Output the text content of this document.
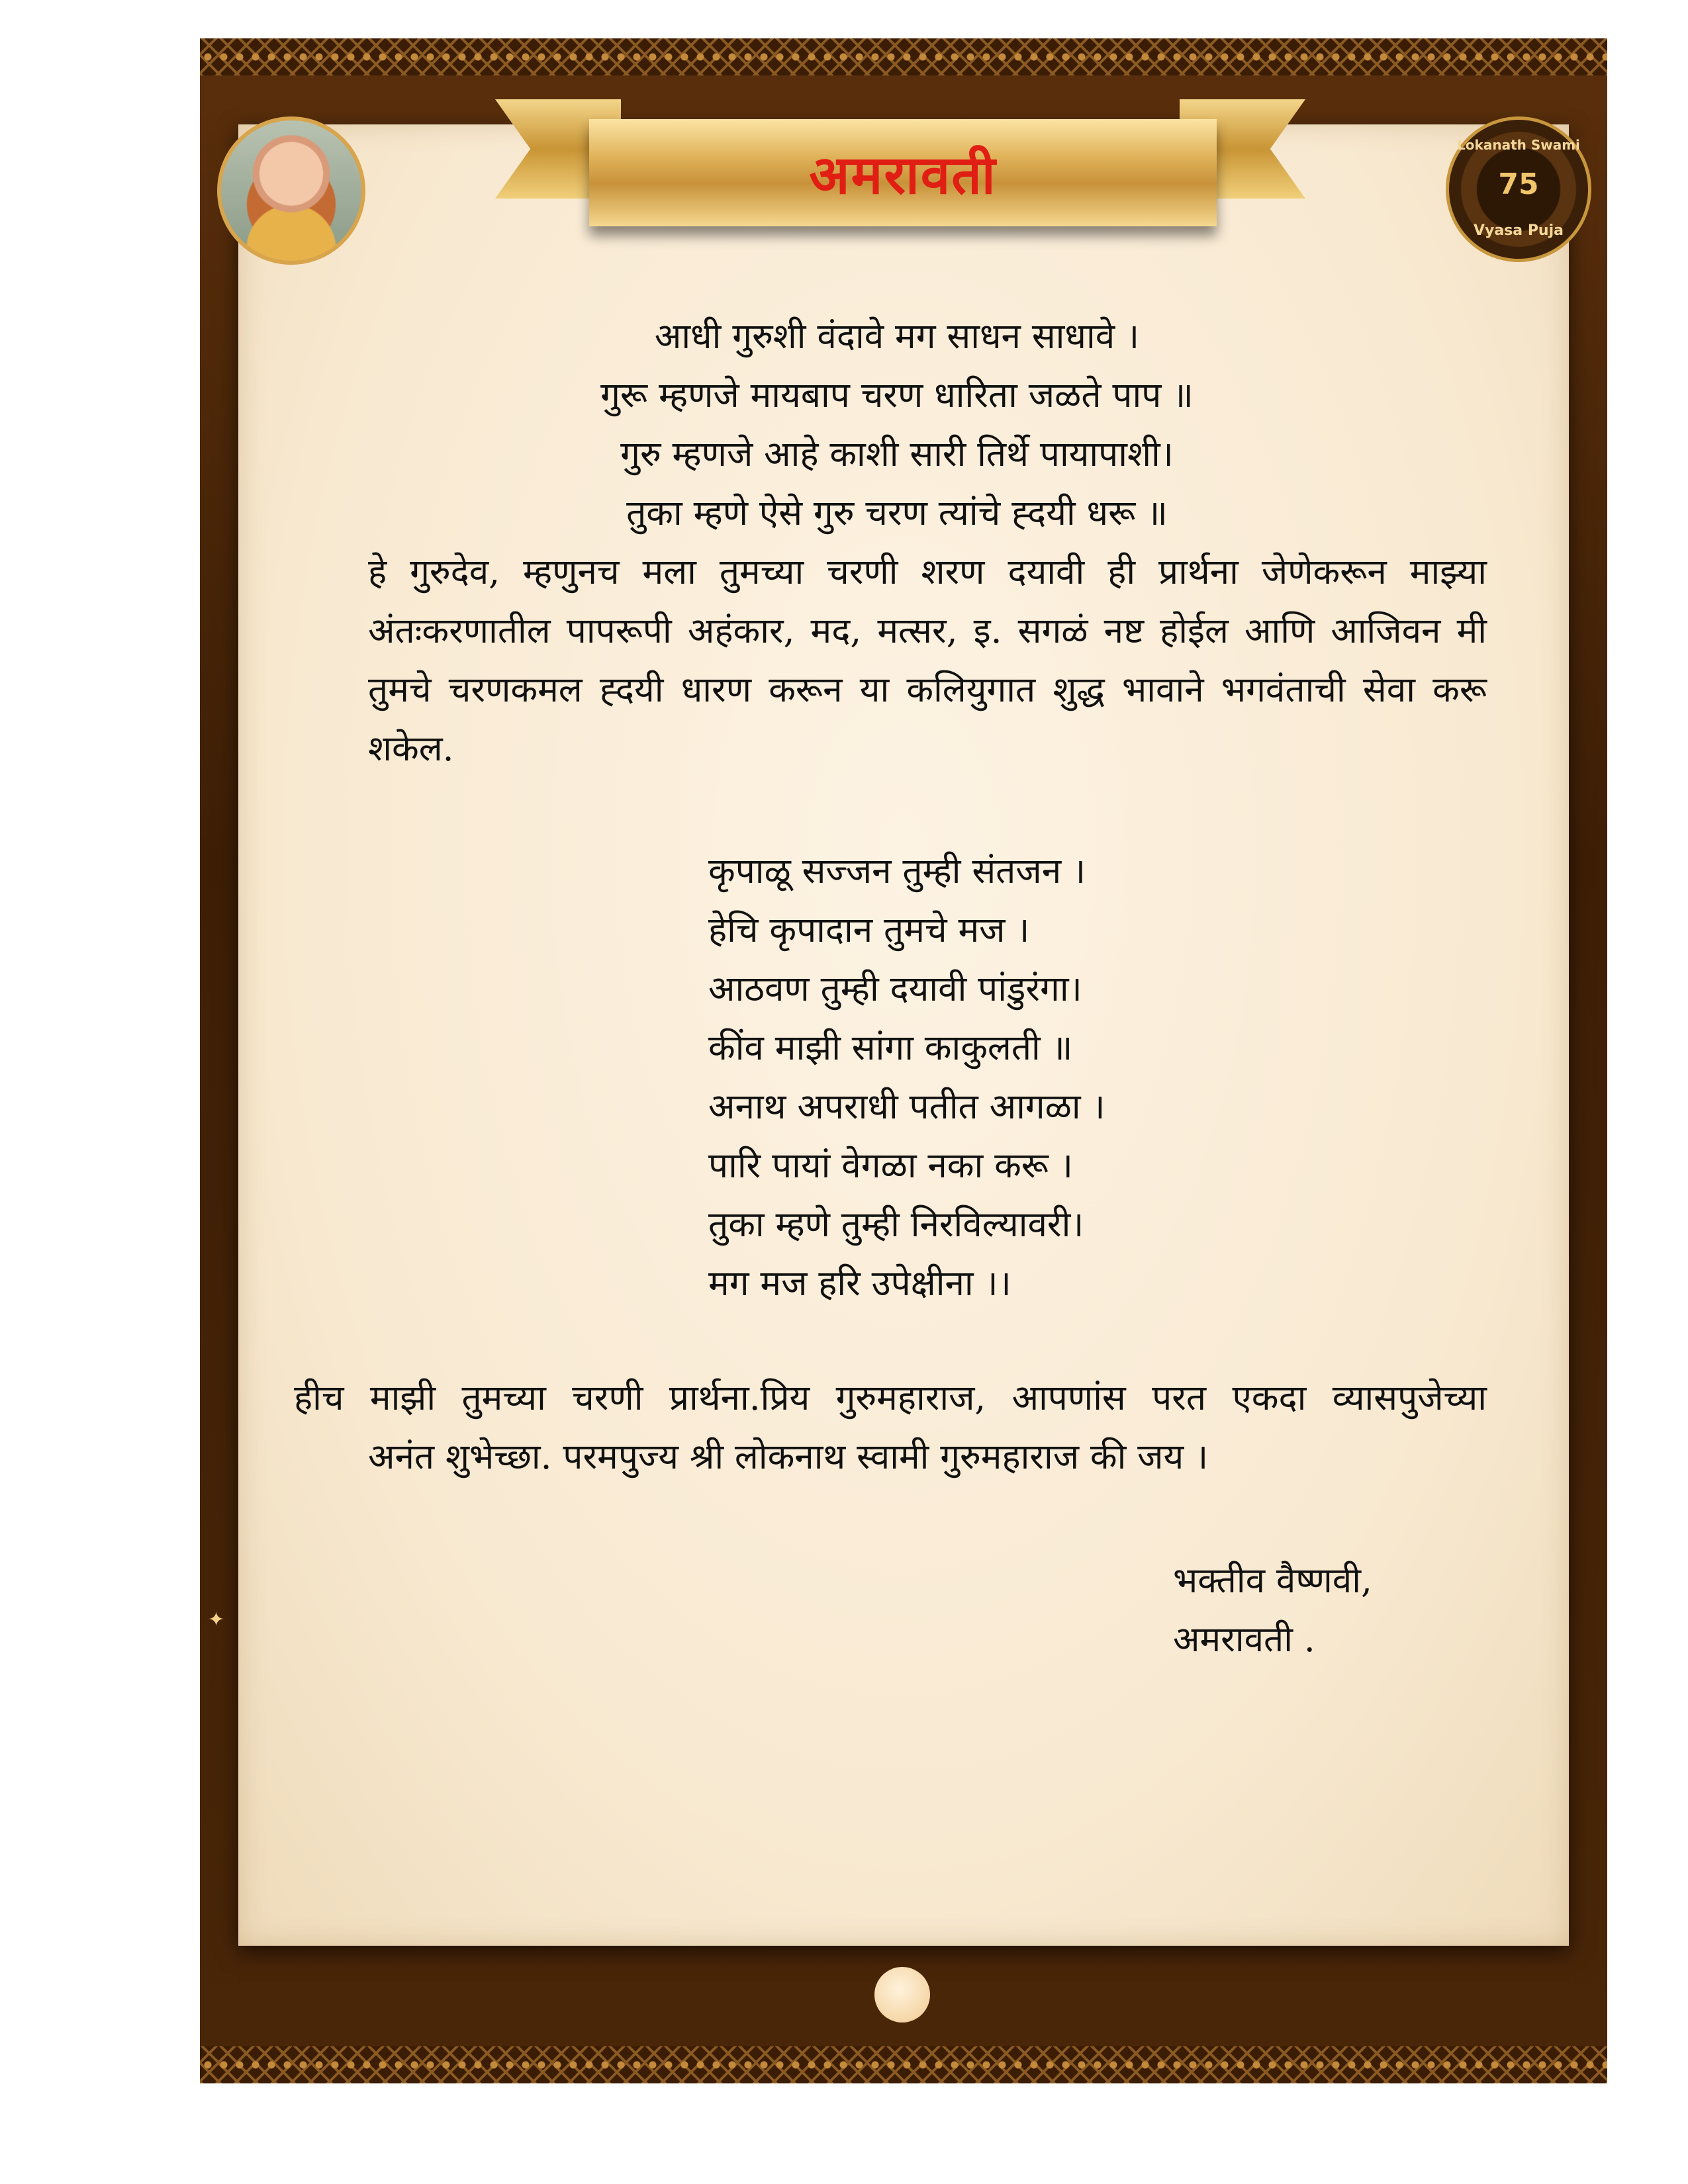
अमरावती	Lokanath Swami
75
Vyasa Puja
आधी गुरुशी वंदावे मग साधन साधावे ।
गुरू म्हणजे मायबाप चरण धारिता जळते पाप ॥
गुरु म्हणजे आहे काशी सारी तिर्थे पायापाशी।
तुका म्हणे ऐसे गुरु चरण त्यांचे ह्दयी धरू ॥
हे गुरुदेव, म्हणुनच मला तुमच्या चरणी शरण दयावी ही प्रार्थना जेणेकरून माझ्या अंतःकरणातील पापरूपी अहंकार, मद, मत्सर, इ. सगळं नष्ट होईल आणि आजिवन मी तुमचे चरणकमल ह्दयी धारण करून या कलियुगात शुद्ध भावाने भगवंताची सेवा करू शकेल.
कृपाळू सज्जन तुम्ही संतजन ।
हेचि कृपादान तुमचे मज ।
आठवण तुम्ही दयावी पांडुरंगा।
कींव माझी सांगा काकुलती ॥
अनाथ अपराधी पतीत आगळा ।
पारि पायां वेगळा नका करू ।
तुका म्हणे तुम्ही निरविल्यावरी।
मग मज हरि उपेक्षीना ।।
हीच माझी तुमच्या चरणी प्रार्थना.प्रिय गुरुमहाराज, आपणांस परत एकदा व्यासपुजेच्या
अनंत शुभेच्छा. परमपुज्य श्री लोकनाथ स्वामी गुरुमहाराज की जय ।
भक्तीव वैष्णवी,
अमरावती .
✦
